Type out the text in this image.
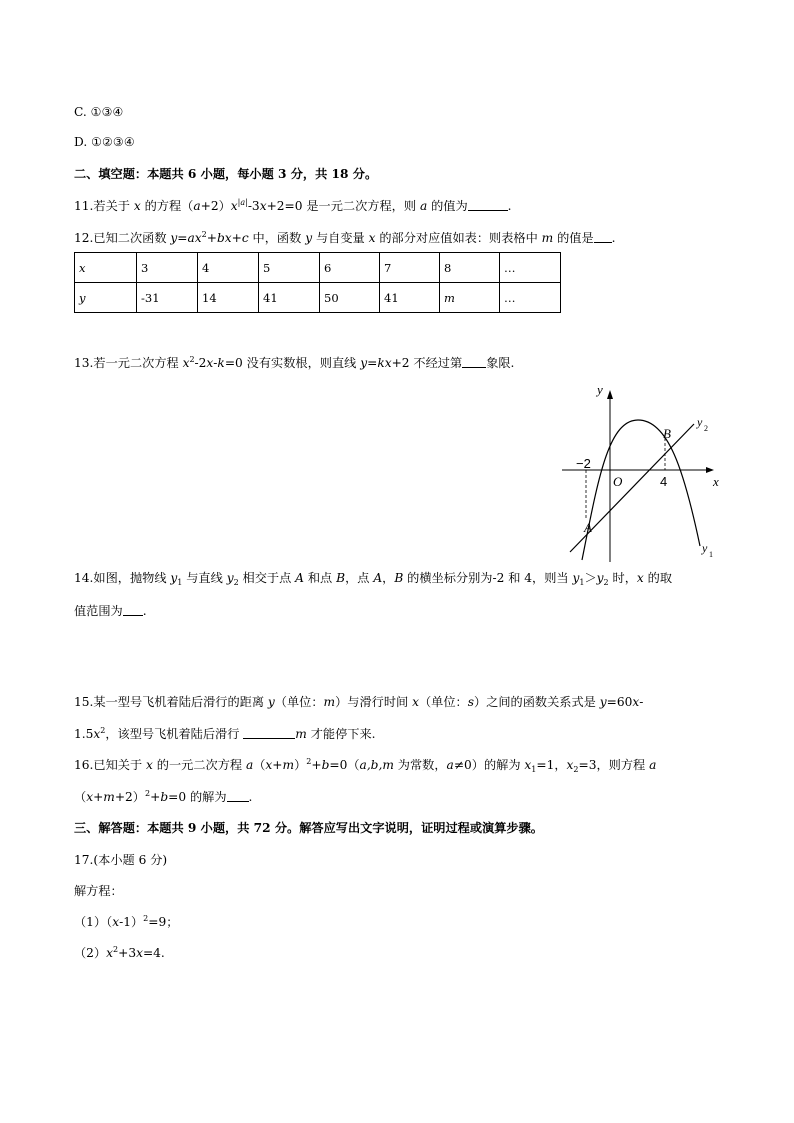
C. ①③④
D. ①②③④
二、填空题：本题共 6 小题，每小题 3 分，共 18 分。
11.若关于 x 的方程$(a+2)x^{|a|}-3x+2=0$ 是一元二次方程，则 a 的值为	.
12.已知二次函数 $y=ax^2+bx+c$ 中，函数 y 与自变量 x 的部分对应值如表：则表格中 m 的值是 .
x	3	4	5	6	7	8	…
y	-31	14	41	50	41	m	…
13.若一元二次方程 $x^2-2x-k=0$ 没有实数根，则直线 y=kx+2 不经过第 象限.
y
x
O
−2
4
A
B
y 2
y 1
14.如图，抛物线 $y_1$ 与直线 $y_2$ 相交于点 A 和点 B，点 A，B 的横坐标分别为-2 和 4，则当 $y_1>y_2$ 时，x 的取
值范围为 .
15.某一型号飞机着陆后滑行的距离 y（单位：m）与滑行时间 x（单位：s）之间的函数关系式是 y=60x-
$1.5x^2$，该型号飞机着陆后滑行	m 才能停下来.
16.已知关于 x 的一元二次方程 $a(x+m)^2+b=0(a,b,m$ 为常数，a≠0）的解为 $x_1=1$，$x_2=3$，则方程 a
$(x+m+2)^2+b=0$ 的解为 .
三、解答题：本题共 9 小题，共 72 分。解答应写出文字说明，证明过程或演算步骤。
17.(本小题 6 分)
解方程：
$(1)(x-1)^2=9$；
$(2)x^2+3x=4$.
